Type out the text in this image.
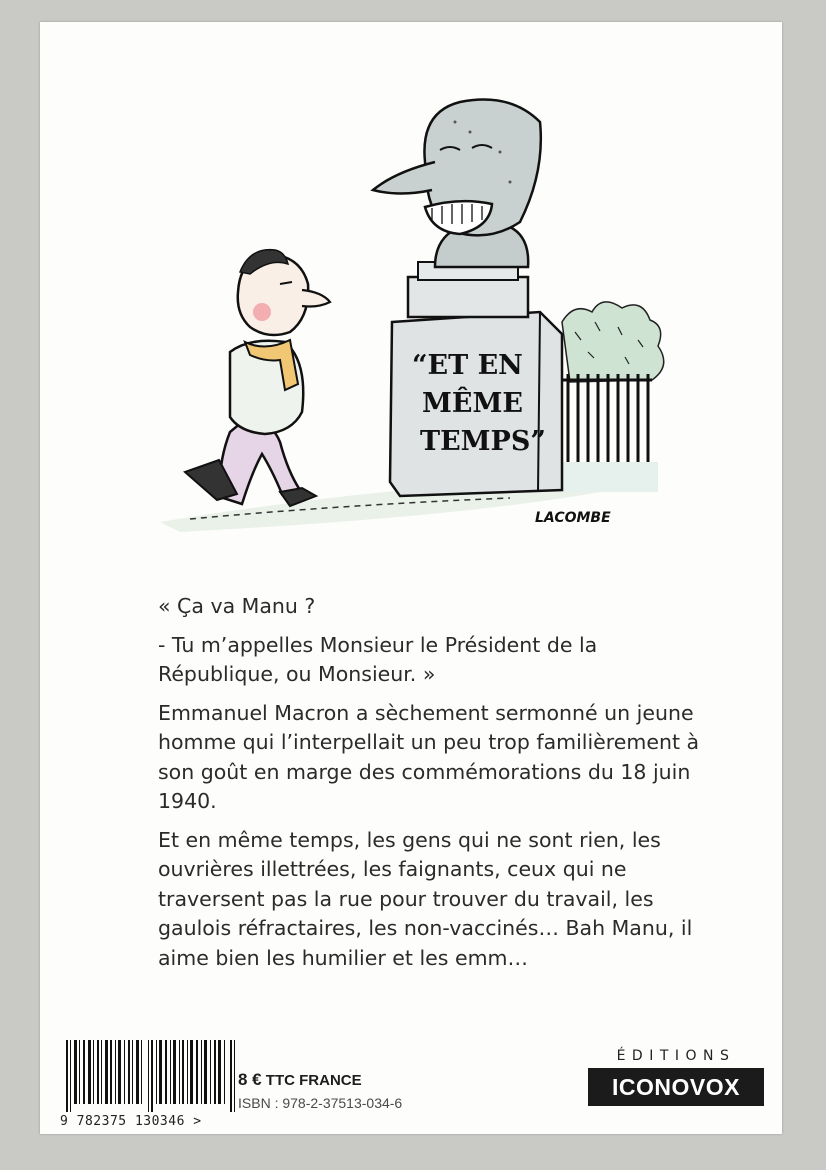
“ET EN
MÊME
TEMPS”
LACOMBE

« Ça va Manu ?

- Tu m’appelles Monsieur le Président de la République, ou Monsieur. »

Emmanuel Macron a sèchement sermonné un jeune homme qui l’interpellait un peu trop familièrement à son goût en marge des commémorations du 18 juin 1940.

Et en même temps, les gens qui ne sont rien, les ouvrières illettrées, les faignants, ceux qui ne traversent pas la rue pour trouver du travail, les gaulois réfractaires, les non-vaccinés… Bah Manu, il aime bien les humilier et les emm…

9 782375 130346 >
8 € TTC FRANCE
ISBN : 978-2-37513-034-6
ÉDITIONS
ICONOVOX
